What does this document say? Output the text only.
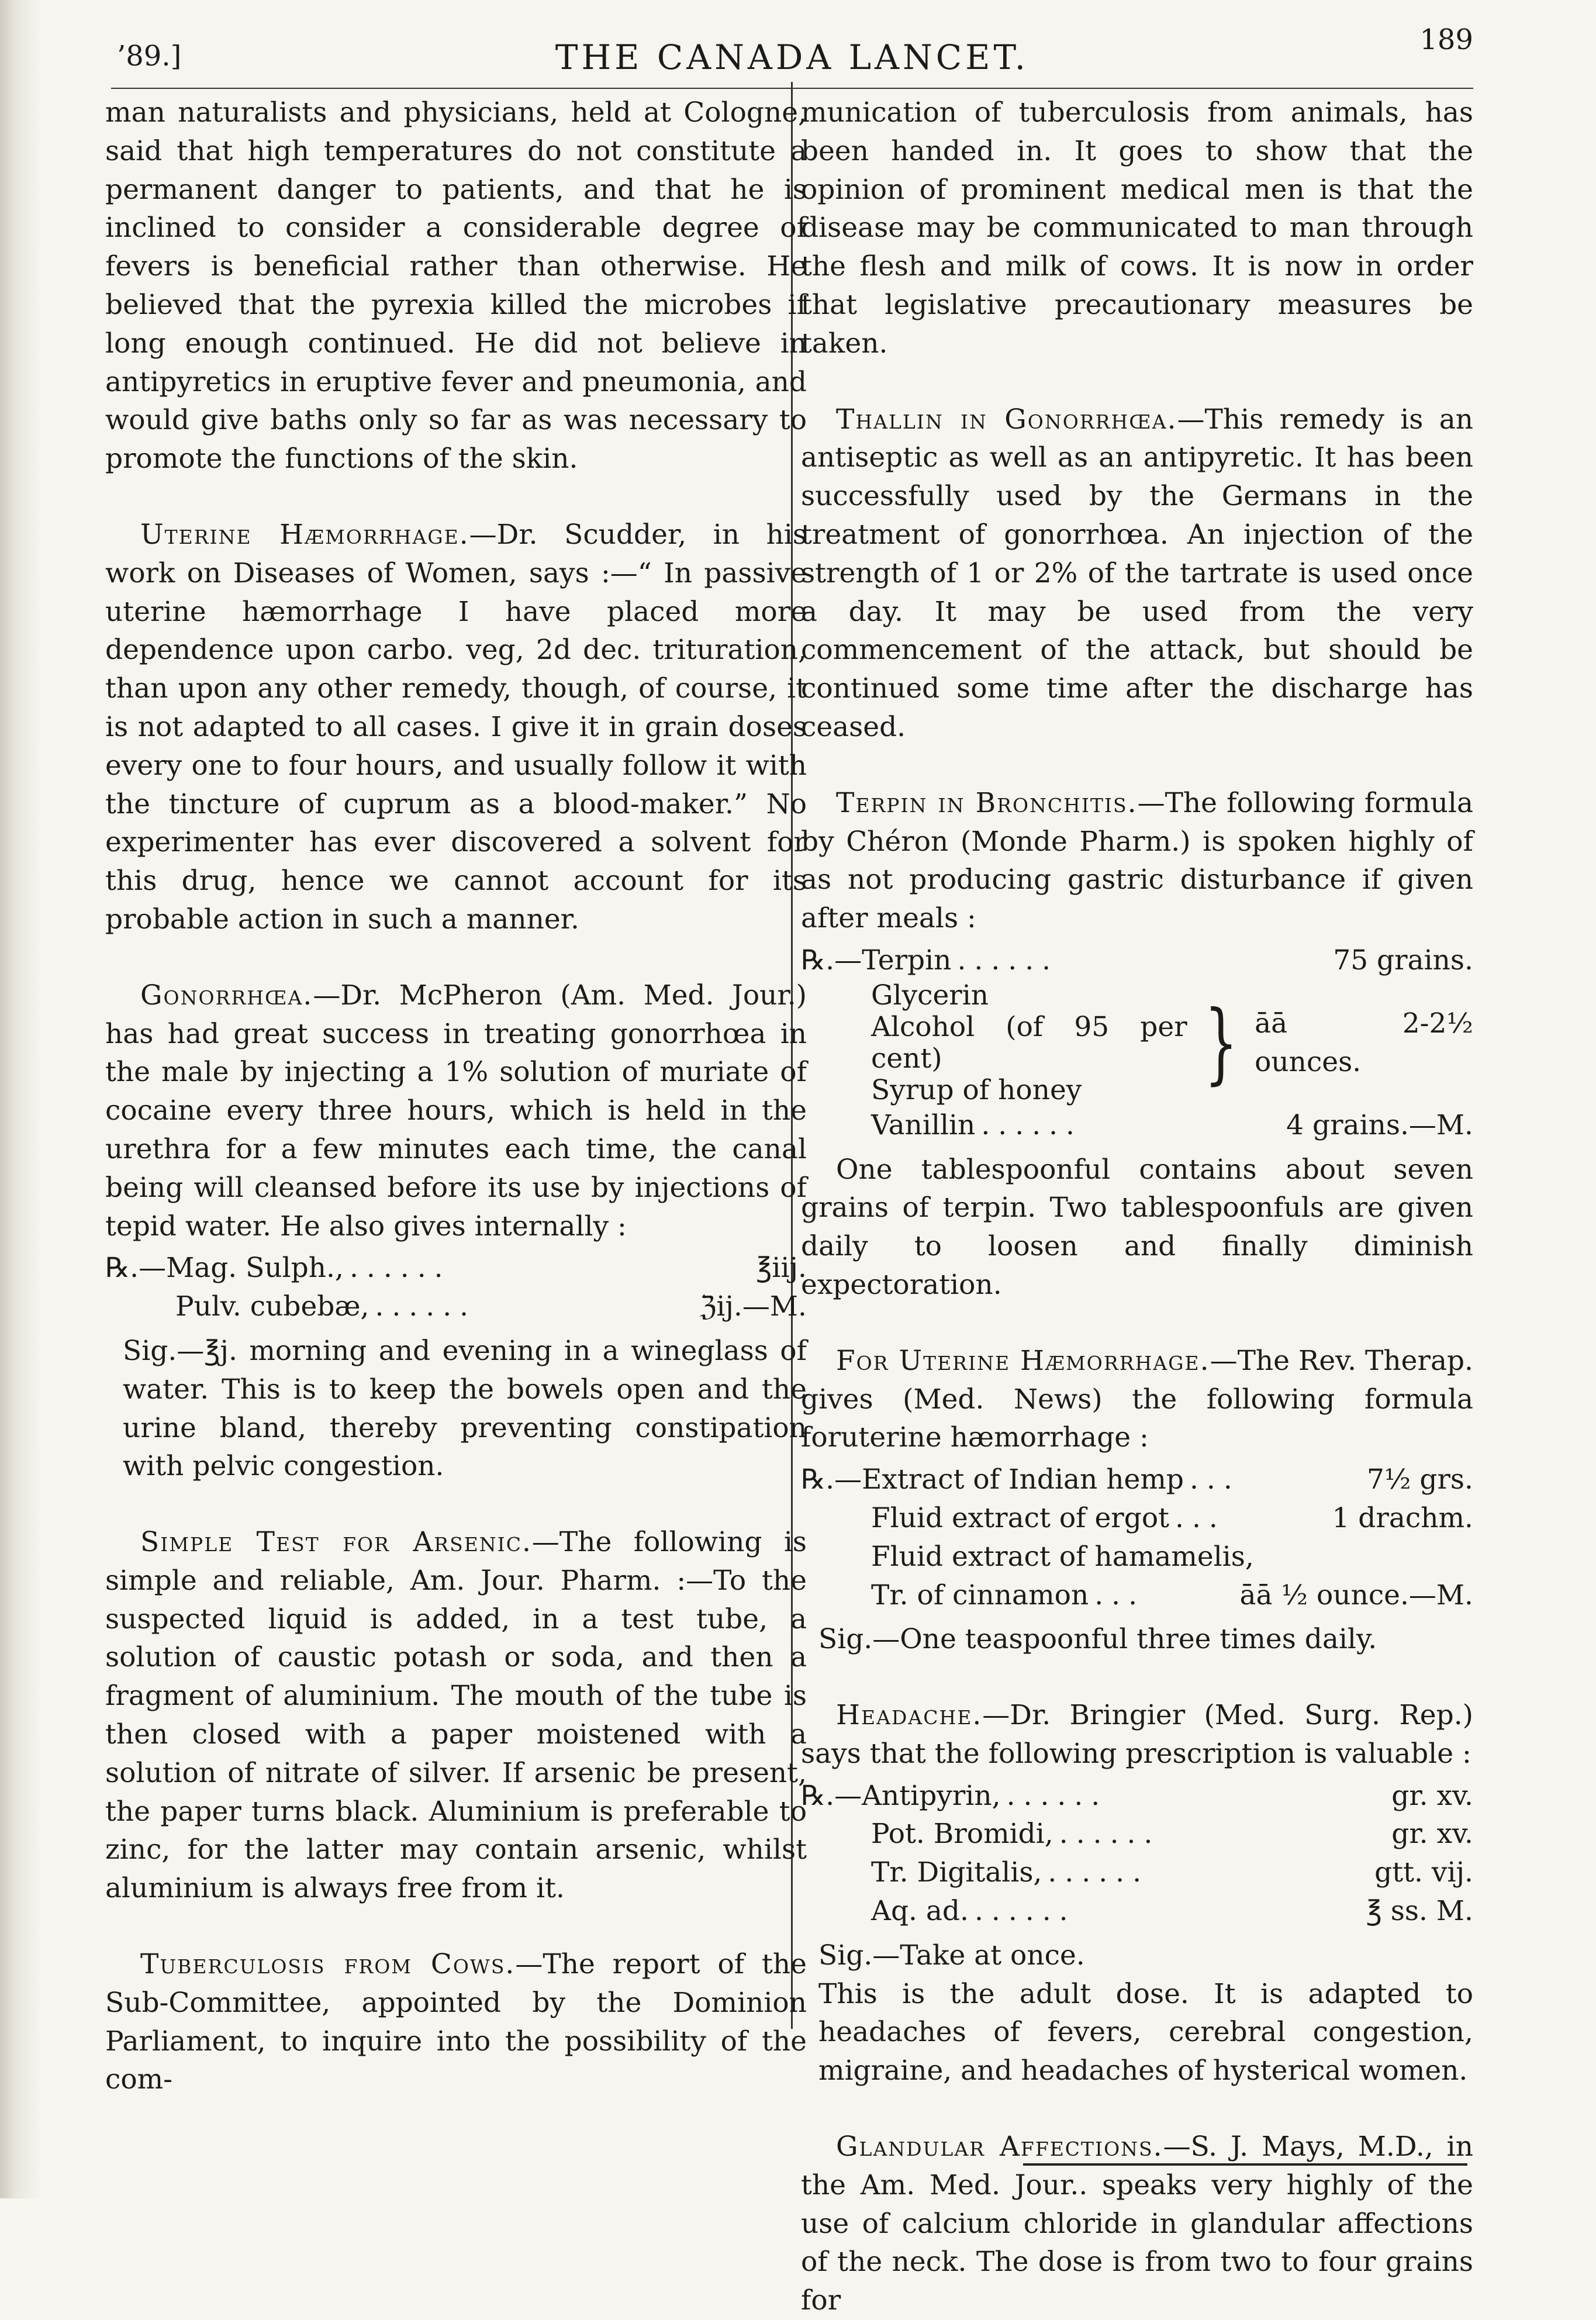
’89.]	THE CANADA LANCET.	189

man naturalists and physicians, held at Cologne, said that high temperatures do not constitute a permanent danger to patients, and that he is inclined to consider a considerable degree of fevers is beneficial rather than otherwise. He believed that the pyrexia killed the microbes if long enough continued. He did not believe in antipyretics in eruptive fever and pneumonia, and would give baths only so far as was necessary to promote the functions of the skin.

Uterine Hæmorrhage.—Dr. Scudder, in his work on Diseases of Women, says :—“ In passive uterine hæmorrhage I have placed more dependence upon carbo. veg, 2d dec. trituration, than upon any other remedy, though, of course, it is not adapted to all cases. I give it in grain doses every one to four hours, and usually follow it with the tincture of cuprum as a blood-maker.” No experimenter has ever discovered a solvent for this drug, hence we cannot account for its probable action in such a manner.

Gonorrhœa.—Dr. McPheron (Am. Med. Jour.) has had great success in treating gonorrhœa in the male by injecting a 1% solution of muriate of cocaine every three hours, which is held in the urethra for a few minutes each time, the canal being will cleansed before its use by injections of tepid water. He also gives internally :

℞.—Mag. Sulph., ......	℥iij.
Pulv. cubebæ, ......	ℨij.—M.

Sig.—℥j. morning and evening in a wineglass of water. This is to keep the bowels open and the urine bland, thereby preventing constipation with pelvic congestion.

Simple Test for Arsenic.—The following is simple and reliable, Am. Jour. Pharm. :—To the suspected liquid is added, in a test tube, a solution of caustic potash or soda, and then a fragment of aluminium. The mouth of the tube is then closed with a paper moistened with a solution of nitrate of silver. If arsenic be present, the paper turns black. Aluminium is preferable to zinc, for the latter may contain arsenic, whilst aluminium is always free from it.

Tuberculosis from Cows.—The report of the Sub-Committee, appointed by the Dominion Parliament, to inquire into the possibility of the com-

munication of tuberculosis from animals, has been handed in. It goes to show that the opinion of prominent medical men is that the disease may be communicated to man through the flesh and milk of cows. It is now in order that legislative precautionary measures be taken.

Thallin in Gonorrhœa.—This remedy is an antiseptic as well as an antipyretic. It has been successfully used by the Germans in the treatment of gonorrhœa. An injection of the strength of 1 or 2% of the tartrate is used once a day. It may be used from the very commencement of the attack, but should be continued some time after the discharge has ceased.

Terpin in Bronchitis.—The following formula by Chéron (Monde Pharm.) is spoken highly of as not producing gastric disturbance if given after meals :

℞.—Terpin ......	75 grains.
Glycerin
Alcohol (of 95 per cent)
Syrup of honey	} āā 2-2½ ounces.
Vanillin ......	4 grains.—M.

One tablespoonful contains about seven grains of terpin. Two tablespoonfuls are given daily to loosen and finally diminish expectoration.

For Uterine Hæmorrhage.—The Rev. Therap. gives (Med. News) the following formula foruterine hæmorrhage :

℞.—Extract of Indian hemp ...	7½ grs.
Fluid extract of ergot ...	1 drachm.
Fluid extract of hamamelis,
Tr. of cinnamon ...	āā ½ ounce.—M.

Sig.—One teaspoonful three times daily.

Headache.—Dr. Bringier (Med. Surg. Rep.) says that the following prescription is valuable :

℞.—Antipyrin, ......	gr. xv.
Pot. Bromidi, ......	gr. xv.
Tr. Digitalis, ......	gtt. vij.
Aq. ad. ......	℥ ss. M.

Sig.—Take at once.

This is the adult dose. It is adapted to headaches of fevers, cerebral congestion, migraine, and headaches of hysterical women.

Glandular Affections.—S. J. Mays, M.D., in the Am. Med. Jour.. speaks very highly of the use of calcium chloride in glandular affections of the neck. The dose is from two to four grains for
